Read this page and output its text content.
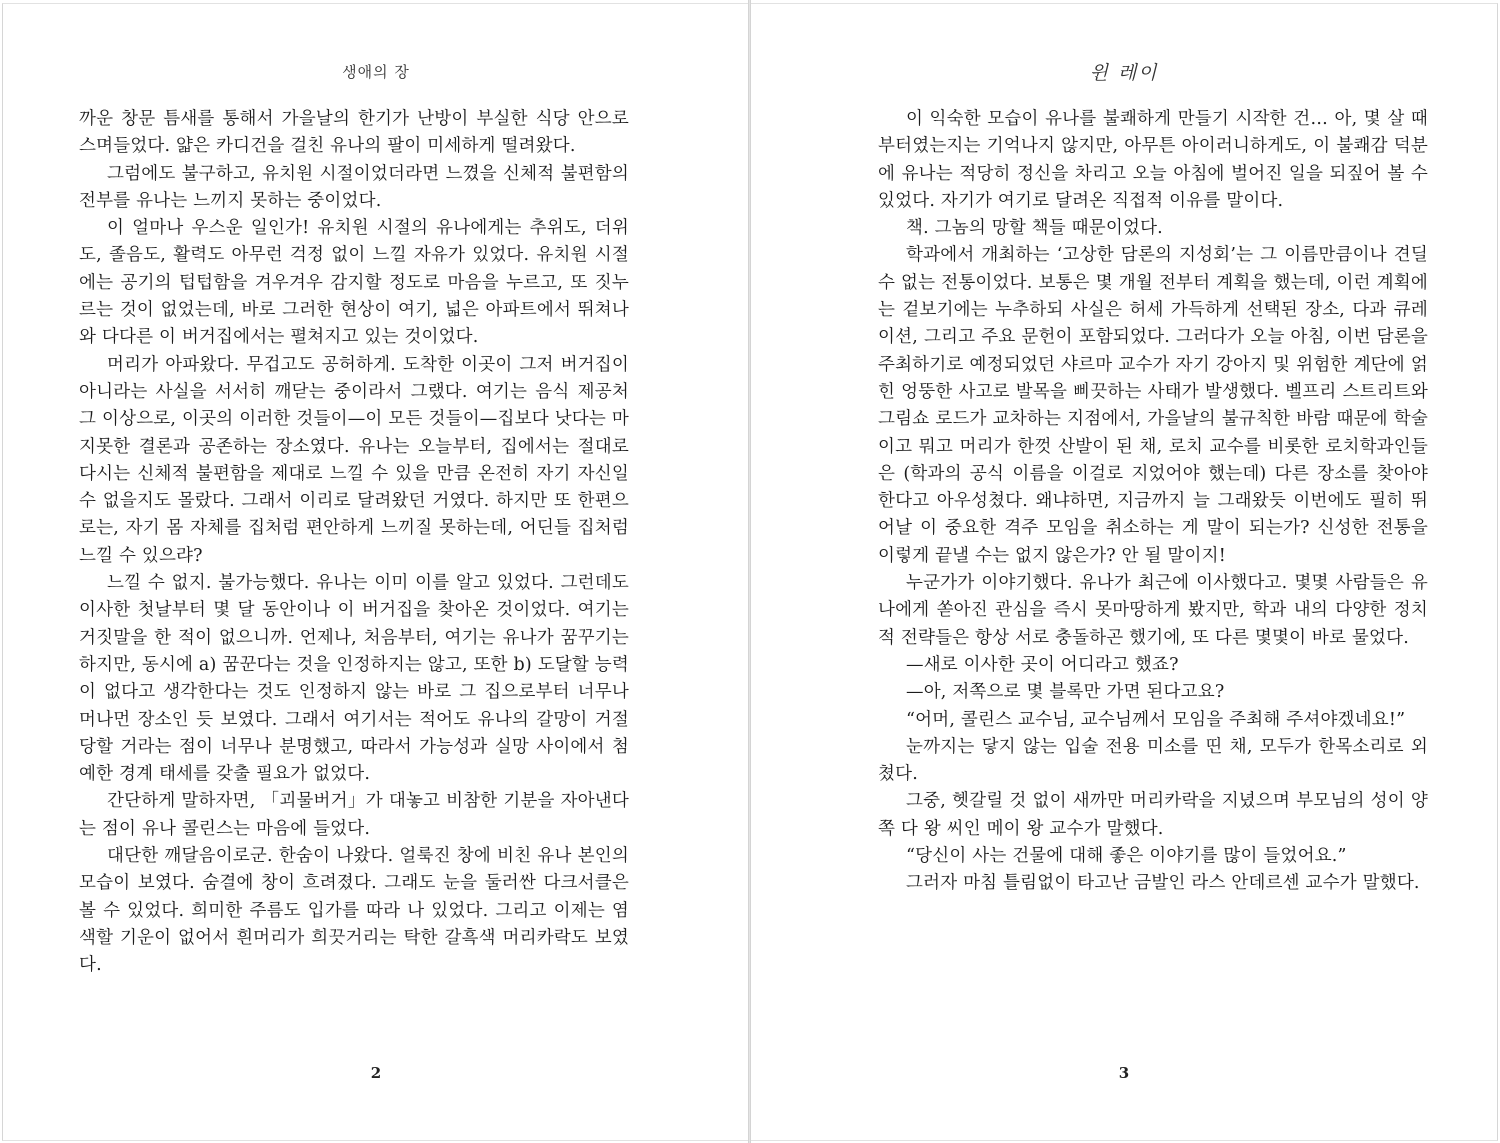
생애의 장

까운 창문 틈새를 통해서 가을날의 한기가 난방이 부실한 식당 안으로 스며들었다. 얇은 카디건을 걸친 유나의 팔이 미세하게 떨려왔다.

그럼에도 불구하고, 유치원 시절이었더라면 느꼈을 신체적 불편함의 전부를 유나는 느끼지 못하는 중이었다.

이 얼마나 우스운 일인가! 유치원 시절의 유나에게는 추위도, 더위도, 졸음도, 활력도 아무런 걱정 없이 느낄 자유가 있었다. 유치원 시절에는 공기의 텁텁함을 겨우겨우 감지할 정도로 마음을 누르고, 또 짓누르는 것이 없었는데, 바로 그러한 현상이 여기, 넓은 아파트에서 뛰쳐나와 다다른 이 버거집에서는 펼쳐지고 있는 것이었다.

머리가 아파왔다. 무겁고도 공허하게. 도착한 이곳이 그저 버거집이 아니라는 사실을 서서히 깨닫는 중이라서 그랬다. 여기는 음식 제공처 그 이상으로, 이곳의 이러한 것들이—이 모든 것들이—집보다 낫다는 마지못한 결론과 공존하는 장소였다. 유나는 오늘부터, 집에서는 절대로 다시는 신체적 불편함을 제대로 느낄 수 있을 만큼 온전히 자기 자신일 수 없을지도 몰랐다. 그래서 이리로 달려왔던 거였다. 하지만 또 한편으로는, 자기 몸 자체를 집처럼 편안하게 느끼질 못하는데, 어딘들 집처럼 느낄 수 있으랴?

느낄 수 없지. 불가능했다. 유나는 이미 이를 알고 있었다. 그런데도 이사한 첫날부터 몇 달 동안이나 이 버거집을 찾아온 것이었다. 여기는 거짓말을 한 적이 없으니까. 언제나, 처음부터, 여기는 유나가 꿈꾸기는 하지만, 동시에 a) 꿈꾼다는 것을 인정하지는 않고, 또한 b) 도달할 능력이 없다고 생각한다는 것도 인정하지 않는 바로 그 집으로부터 너무나 머나먼 장소인 듯 보였다. 그래서 여기서는 적어도 유나의 갈망이 거절당할 거라는 점이 너무나 분명했고, 따라서 가능성과 실망 사이에서 첨예한 경계 태세를 갖출 필요가 없었다.

간단하게 말하자면, 「괴물버거」가 대놓고 비참한 기분을 자아낸다는 점이 유나 콜린스는 마음에 들었다.

대단한 깨달음이로군. 한숨이 나왔다. 얼룩진 창에 비친 유나 본인의 모습이 보였다. 숨결에 창이 흐려졌다. 그래도 눈을 둘러싼 다크서클은 볼 수 있었다. 희미한 주름도 입가를 따라 나 있었다. 그리고 이제는 염색할 기운이 없어서 흰머리가 희끗거리는 탁한 갈흑색 머리카락도 보였다.

2
윈 레이

이 익숙한 모습이 유나를 불쾌하게 만들기 시작한 건… 아, 몇 살 때부터였는지는 기억나지 않지만, 아무튼 아이러니하게도, 이 불쾌감 덕분에 유나는 적당히 정신을 차리고 오늘 아침에 벌어진 일을 되짚어 볼 수 있었다. 자기가 여기로 달려온 직접적 이유를 말이다.

책. 그놈의 망할 책들 때문이었다.

학과에서 개최하는 ‘고상한 담론의 지성회’는 그 이름만큼이나 견딜 수 없는 전통이었다. 보통은 몇 개월 전부터 계획을 했는데, 이런 계획에는 겉보기에는 누추하되 사실은 허세 가득하게 선택된 장소, 다과 큐레이션, 그리고 주요 문헌이 포함되었다. 그러다가 오늘 아침, 이번 담론을 주최하기로 예정되었던 샤르마 교수가 자기 강아지 및 위험한 계단에 얽힌 엉뚱한 사고로 발목을 삐끗하는 사태가 발생했다. 벨프리 스트리트와 그림쇼 로드가 교차하는 지점에서, 가을날의 불규칙한 바람 때문에 학술이고 뭐고 머리가 한껏 산발이 된 채, 로치 교수를 비롯한 로치학과인들은 (학과의 공식 이름을 이걸로 지었어야 했는데) 다른 장소를 찾아야 한다고 아우성쳤다. 왜냐하면, 지금까지 늘 그래왔듯 이번에도 필히 뛰어날 이 중요한 격주 모임을 취소하는 게 말이 되는가? 신성한 전통을 이렇게 끝낼 수는 없지 않은가? 안 될 말이지!

누군가가 이야기했다. 유나가 최근에 이사했다고. 몇몇 사람들은 유나에게 쏟아진 관심을 즉시 못마땅하게 봤지만, 학과 내의 다양한 정치적 전략들은 항상 서로 충돌하곤 했기에, 또 다른 몇몇이 바로 물었다.

—새로 이사한 곳이 어디라고 했죠?

—아, 저쪽으로 몇 블록만 가면 된다고요?

“어머, 콜린스 교수님, 교수님께서 모임을 주최해 주셔야겠네요!”

눈까지는 닿지 않는 입술 전용 미소를 띤 채, 모두가 한목소리로 외쳤다.

그중, 헷갈릴 것 없이 새까만 머리카락을 지녔으며 부모님의 성이 양쪽 다 왕 씨인 메이 왕 교수가 말했다.

“당신이 사는 건물에 대해 좋은 이야기를 많이 들었어요.”

그러자 마침 틀림없이 타고난 금발인 라스 안데르센 교수가 말했다.

3
